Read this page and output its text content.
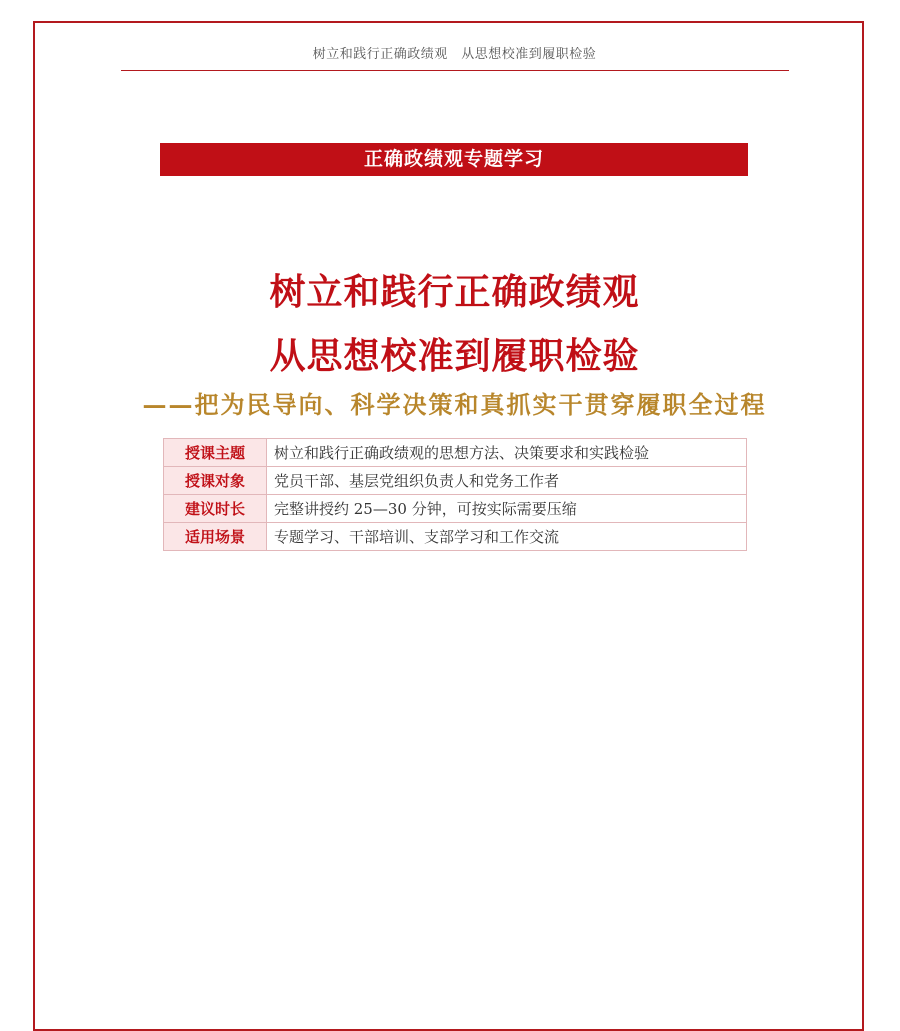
树立和践行正确政绩观　从思想校准到履职检验
正确政绩观专题学习
树立和践行正确政绩观
从思想校准到履职检验
——把为民导向、科学决策和真抓实干贯穿履职全过程
授课主题	树立和践行正确政绩观的思想方法、决策要求和实践检验
授课对象	党员干部、基层党组织负责人和党务工作者
建议时长	完整讲授约 25—30 分钟，可按实际需要压缩
适用场景	专题学习、干部培训、支部学习和工作交流
